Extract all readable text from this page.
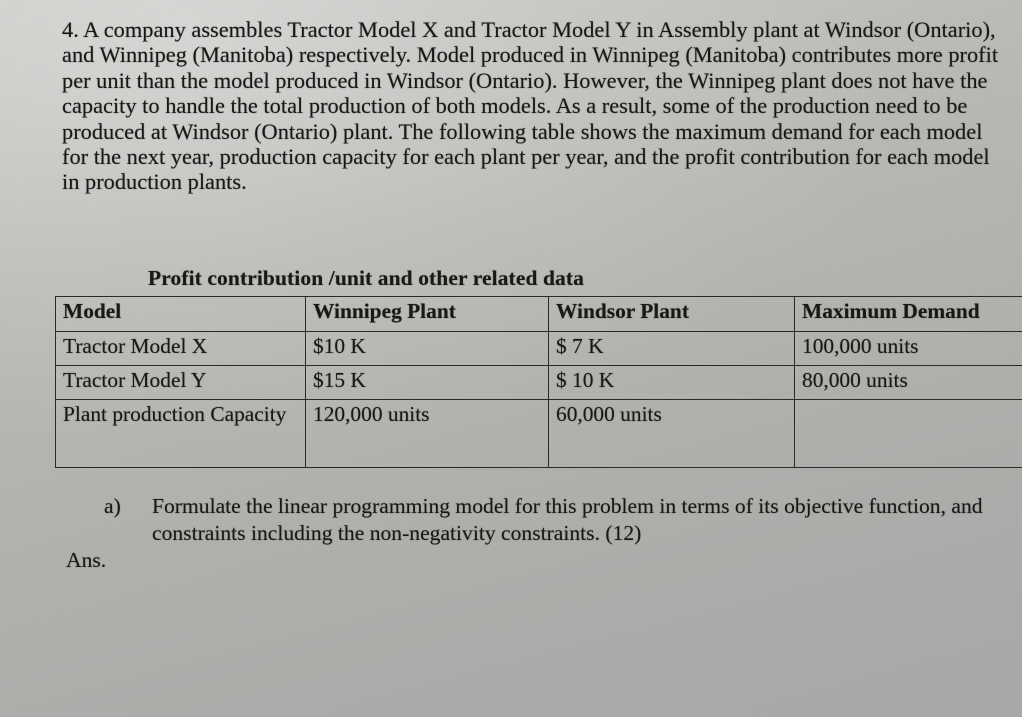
4. A company assembles Tractor Model X and Tractor Model Y in Assembly plant at Windsor (Ontario), and Winnipeg (Manitoba) respectively. Model produced in Winnipeg (Manitoba) contributes more profit per unit than the model produced in Windsor (Ontario). However, the Winnipeg plant does not have the capacity to handle the total production of both models. As a result, some of the production need to be produced at Windsor (Ontario) plant. The following table shows the maximum demand for each model for the next year, production capacity for each plant per year, and the profit contribution for each model in production plants.
Profit contribution /unit and other related data
Model	Winnipeg Plant	Windsor Plant	Maximum Demand
Tractor Model X	$10 K	$ 7 K	100,000 units
Tractor Model Y	$15 K	$ 10 K	80,000 units
Plant production Capacity	120,000 units	60,000 units	
a)	Formulate the linear programming model for this problem in terms of its objective function, and constraints including the non-negativity constraints. (12)
Ans.
